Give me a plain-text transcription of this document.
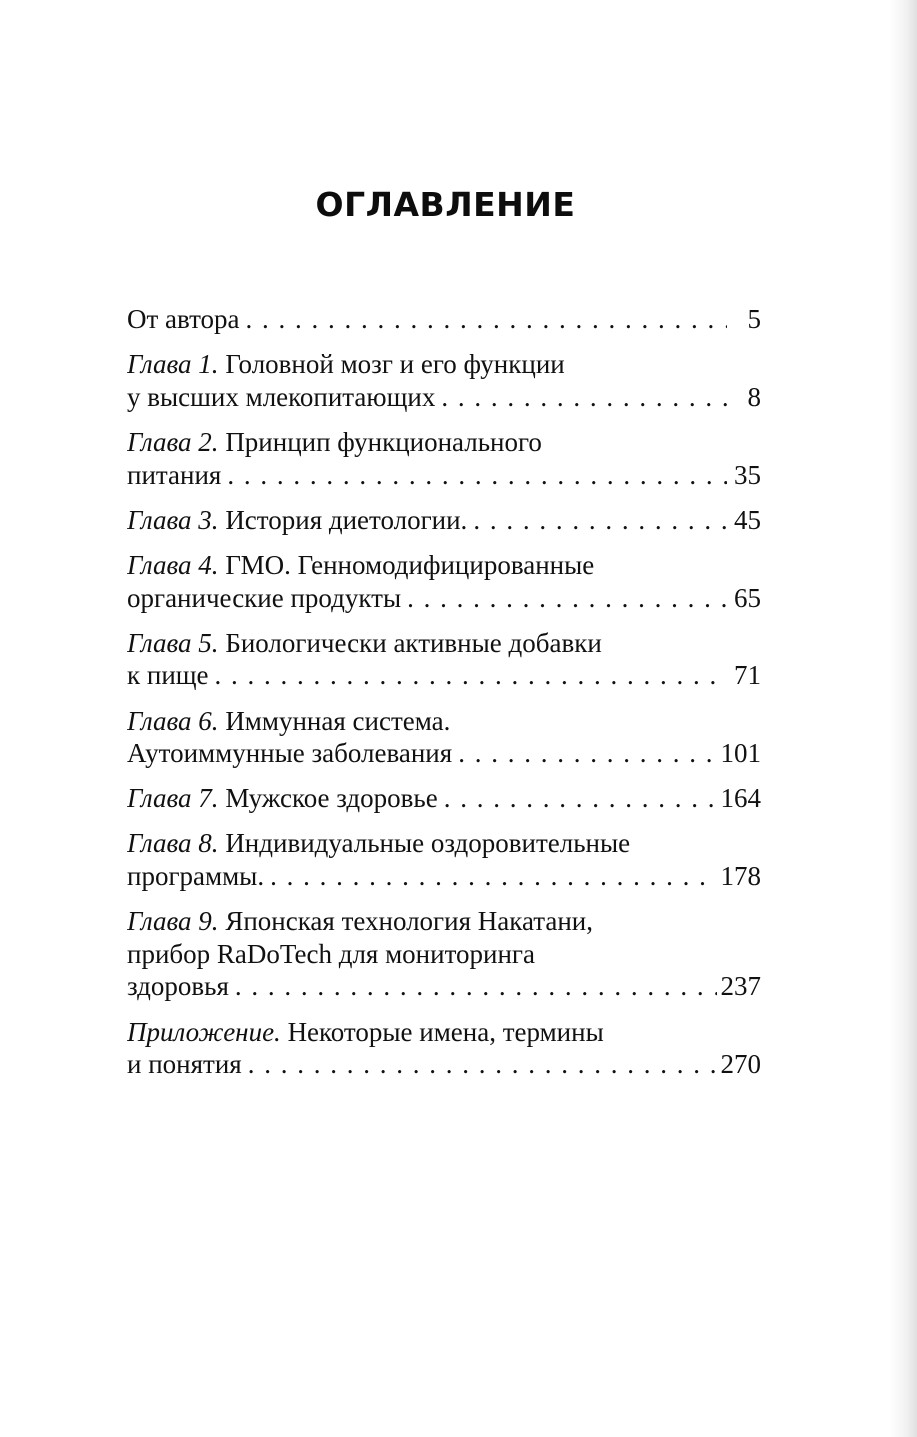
ОГЛАВЛЕНИЕ
От автора . . .	5
Глава 1. Головной мозг и его функции
у высших млекопитающих . . .	8
Глава 2. Принцип функционального
питания . . .	35
Глава 3. История диетологии. . . .	45
Глава 4. ГМО. Генномодифицированные
органические продукты . . .	65
Глава 5. Биологически активные добавки
к пище . . .	71
Глава 6. Иммунная система.
Аутоиммунные заболевания . . .	101
Глава 7. Мужское здоровье . . .	164
Глава 8. Индивидуальные оздоровительные
программы. . . .	178
Глава 9. Японская технология Накатани,
прибор RaDoTech для мониторинга
здоровья . . .	237
Приложение. Некоторые имена, термины
и понятия . . .	270
